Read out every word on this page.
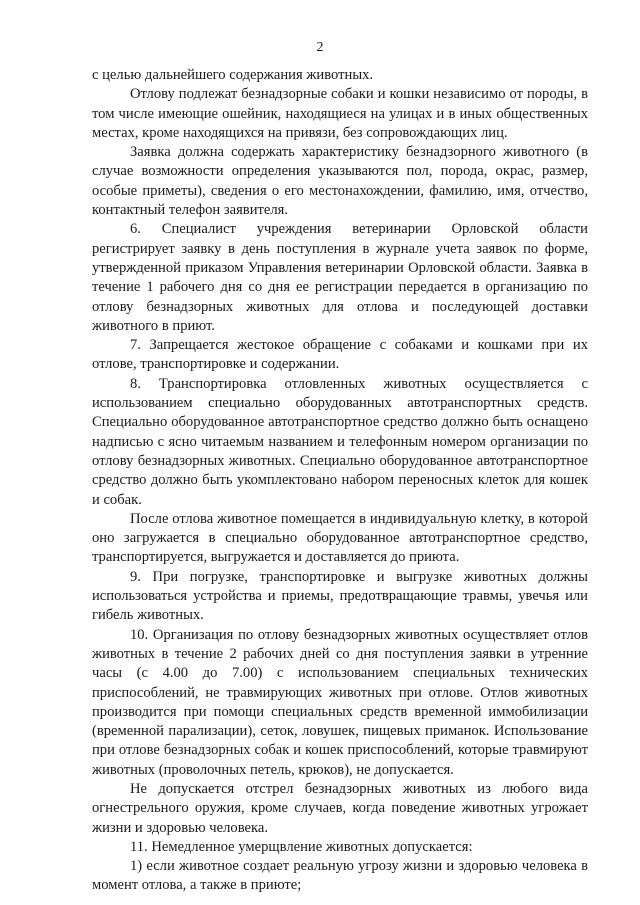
2

с целью дальнейшего содержания животных.

Отлову подлежат безнадзорные собаки и кошки независимо от породы, в том числе имеющие ошейник, находящиеся на улицах и в иных общественных местах, кроме находящихся на привязи, без сопровождающих лиц.

Заявка должна содержать характеристику безнадзорного животного (в случае возможности определения указываются пол, порода, окрас, размер, особые приметы), сведения о его местонахождении, фамилию, имя, отчество, контактный телефон заявителя.

6. Специалист учреждения ветеринарии Орловской области регистрирует заявку в день поступления в журнале учета заявок по форме, утвержденной приказом Управления ветеринарии Орловской области. Заявка в течение 1 рабочего дня со дня ее регистрации передается в организацию по отлову безнадзорных животных для отлова и последующей доставки животного в приют.

7. Запрещается жестокое обращение с собаками и кошками при их отлове, транспортировке и содержании.

8. Транспортировка отловленных животных осуществляется с использованием специально оборудованных автотранспортных средств. Специально оборудованное автотранспортное средство должно быть оснащено надписью с ясно читаемым названием и телефонным номером организации по отлову безнадзорных животных. Специально оборудованное автотранспортное средство должно быть укомплектовано набором переносных клеток для кошек и собак.

После отлова животное помещается в индивидуальную клетку, в которой оно загружается в специально оборудованное автотранспортное средство, транспортируется, выгружается и доставляется до приюта.

9. При погрузке, транспортировке и выгрузке животных должны использоваться устройства и приемы, предотвращающие травмы, увечья или гибель животных.

10. Организация по отлову безнадзорных животных осуществляет отлов животных в течение 2 рабочих дней со дня поступления заявки в утренние часы (с 4.00 до 7.00) с использованием специальных технических приспособлений, не травмирующих животных при отлове. Отлов животных производится при помощи специальных средств временной иммобилизации (временной парализации), сеток, ловушек, пищевых приманок. Использование при отлове безнадзорных собак и кошек приспособлений, которые травмируют животных (проволочных петель, крюков), не допускается.

Не допускается отстрел безнадзорных животных из любого вида огнестрельного оружия, кроме случаев, когда поведение животных угрожает жизни и здоровью человека.

11. Немедленное умерщвление животных допускается:

1) если животное создает реальную угрозу жизни и здоровью человека в момент отлова, а также в приюте;
